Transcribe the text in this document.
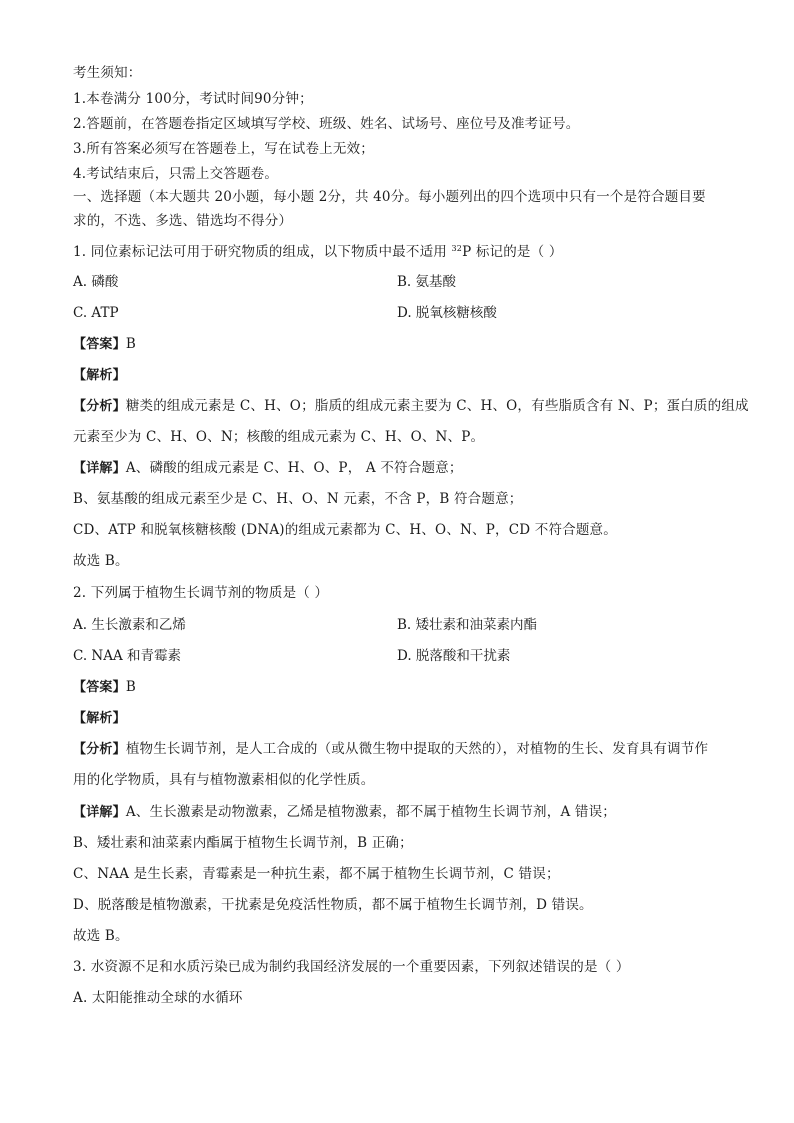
考生须知：
1.本卷满分 100分，考试时间90分钟；
2.答题前，在答题卷指定区域填写学校、班级、姓名、试场号、座位号及准考证号。
3.所有答案必须写在答题卷上，写在试卷上无效；
4.考试结束后，只需上交答题卷。
一、选择题（本大题共 20小题，每小题 2分，共 40分。每小题列出的四个选项中只有一个是符合题目要
求的，不选、多选、错选均不得分）
1. 同位素标记法可用于研究物质的组成，以下物质中最不适用 $^{32}$P 标记的是（ ）
A. 磷酸	B. 氨基酸
C. ATP	D. 脱氧核糖核酸
【答案】B
【解析】
【分析】糖类的组成元素是 C、H、O；脂质的组成元素主要为 C、H、O，有些脂质含有 N、P；蛋白质的组成
元素至少为 C、H、O、N；核酸的组成元素为 C、H、O、N、P。
【详解】A、磷酸的组成元素是 C、H、O、P， A 不符合题意；
B、氨基酸的组成元素至少是 C、H、O、N 元素，不含 P，B 符合题意；
CD、ATP 和脱氧核糖核酸 (DNA)的组成元素都为 C、H、O、N、P，CD 不符合题意。
故选 B。
2. 下列属于植物生长调节剂的物质是（ ）
A. 生长激素和乙烯	B. 矮壮素和油菜素内酯
C. NAA 和青霉素	D. 脱落酸和干扰素
【答案】B
【解析】
【分析】植物生长调节剂，是人工合成的（或从微生物中提取的天然的），对植物的生长、发育具有调节作
用的化学物质，具有与植物激素相似的化学性质。
【详解】A、生长激素是动物激素，乙烯是植物激素，都不属于植物生长调节剂，A 错误；
B、矮壮素和油菜素内酯属于植物生长调节剂，B 正确；
C、NAA 是生长素，青霉素是一种抗生素，都不属于植物生长调节剂，C 错误；
D、脱落酸是植物激素，干扰素是免疫活性物质，都不属于植物生长调节剂，D 错误。
故选 B。
3. 水资源不足和水质污染已成为制约我国经济发展的一个重要因素，下列叙述错误的是（ ）
A. 太阳能推动全球的水循环
